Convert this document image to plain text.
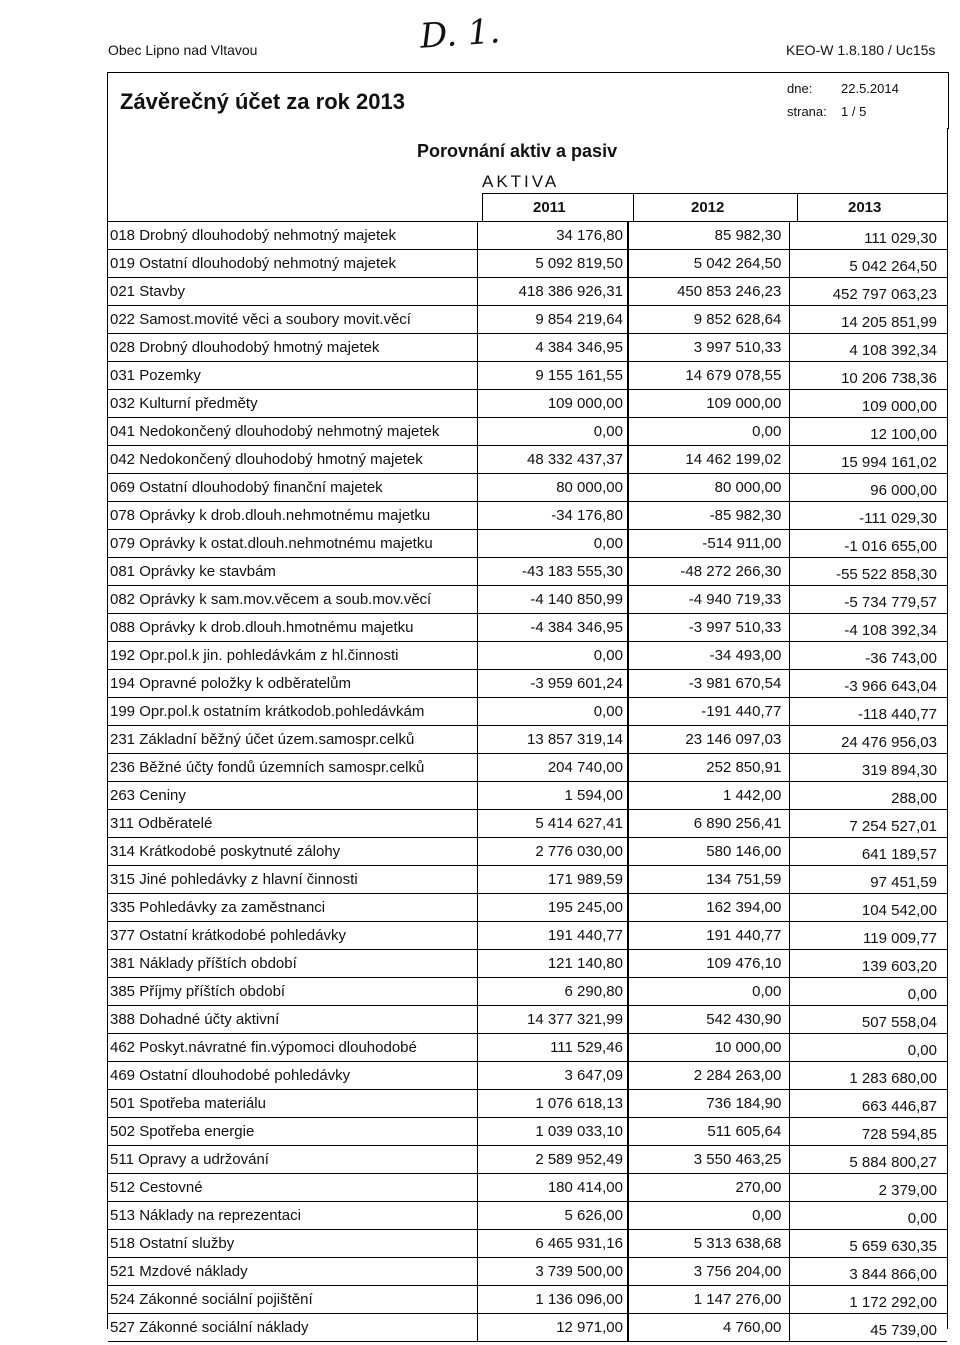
Obec Lipno nad Vltavou	D. 1.	KEO-W 1.8.180 / Uc15s
Závěrečný účet za rok 2013
dne: 22.5.2014
strana: 1 / 5
Porovnání aktiv a pasiv
AKTIVA
2011	2012	2013
018 Drobný dlouhodobý nehmotný majetek	34 176,80	85 982,30	111 029,30
019 Ostatní dlouhodobý nehmotný majetek	5 092 819,50	5 042 264,50	5 042 264,50
021 Stavby	418 386 926,31	450 853 246,23	452 797 063,23
022 Samost.movité věci a soubory movit.věcí	9 854 219,64	9 852 628,64	14 205 851,99
028 Drobný dlouhodobý hmotný majetek	4 384 346,95	3 997 510,33	4 108 392,34
031 Pozemky	9 155 161,55	14 679 078,55	10 206 738,36
032 Kulturní předměty	109 000,00	109 000,00	109 000,00
041 Nedokončený dlouhodobý nehmotný majetek	0,00	0,00	12 100,00
042 Nedokončený dlouhodobý hmotný majetek	48 332 437,37	14 462 199,02	15 994 161,02
069 Ostatní dlouhodobý finanční majetek	80 000,00	80 000,00	96 000,00
078 Oprávky k drob.dlouh.nehmotnému majetku	-34 176,80	-85 982,30	-111 029,30
079 Oprávky k ostat.dlouh.nehmotnému majetku	0,00	-514 911,00	-1 016 655,00
081 Oprávky ke stavbám	-43 183 555,30	-48 272 266,30	-55 522 858,30
082 Oprávky k sam.mov.věcem a soub.mov.věcí	-4 140 850,99	-4 940 719,33	-5 734 779,57
088 Oprávky k drob.dlouh.hmotnému majetku	-4 384 346,95	-3 997 510,33	-4 108 392,34
192 Opr.pol.k jin. pohledávkám z hl.činnosti	0,00	-34 493,00	-36 743,00
194 Opravné položky k odběratelům	-3 959 601,24	-3 981 670,54	-3 966 643,04
199 Opr.pol.k ostatním krátkodob.pohledávkám	0,00	-191 440,77	-118 440,77
231 Základní běžný účet územ.samospr.celků	13 857 319,14	23 146 097,03	24 476 956,03
236 Běžné účty fondů územních samospr.celků	204 740,00	252 850,91	319 894,30
263 Ceniny	1 594,00	1 442,00	288,00
311 Odběratelé	5 414 627,41	6 890 256,41	7 254 527,01
314 Krátkodobé poskytnuté zálohy	2 776 030,00	580 146,00	641 189,57
315 Jiné pohledávky z hlavní činnosti	171 989,59	134 751,59	97 451,59
335 Pohledávky za zaměstnanci	195 245,00	162 394,00	104 542,00
377 Ostatní krátkodobé pohledávky	191 440,77	191 440,77	119 009,77
381 Náklady příštích období	121 140,80	109 476,10	139 603,20
385 Příjmy příštích období	6 290,80	0,00	0,00
388 Dohadné účty aktivní	14 377 321,99	542 430,90	507 558,04
462 Poskyt.návratné fin.výpomoci dlouhodobé	111 529,46	10 000,00	0,00
469 Ostatní dlouhodobé pohledávky	3 647,09	2 284 263,00	1 283 680,00
501 Spotřeba materiálu	1 076 618,13	736 184,90	663 446,87
502 Spotřeba energie	1 039 033,10	511 605,64	728 594,85
511 Opravy a udržování	2 589 952,49	3 550 463,25	5 884 800,27
512 Cestovné	180 414,00	270,00	2 379,00
513 Náklady na reprezentaci	5 626,00	0,00	0,00
518 Ostatní služby	6 465 931,16	5 313 638,68	5 659 630,35
521 Mzdové náklady	3 739 500,00	3 756 204,00	3 844 866,00
524 Zákonné sociální pojištění	1 136 096,00	1 147 276,00	1 172 292,00
527 Zákonné sociální náklady	12 971,00	4 760,00	45 739,00
